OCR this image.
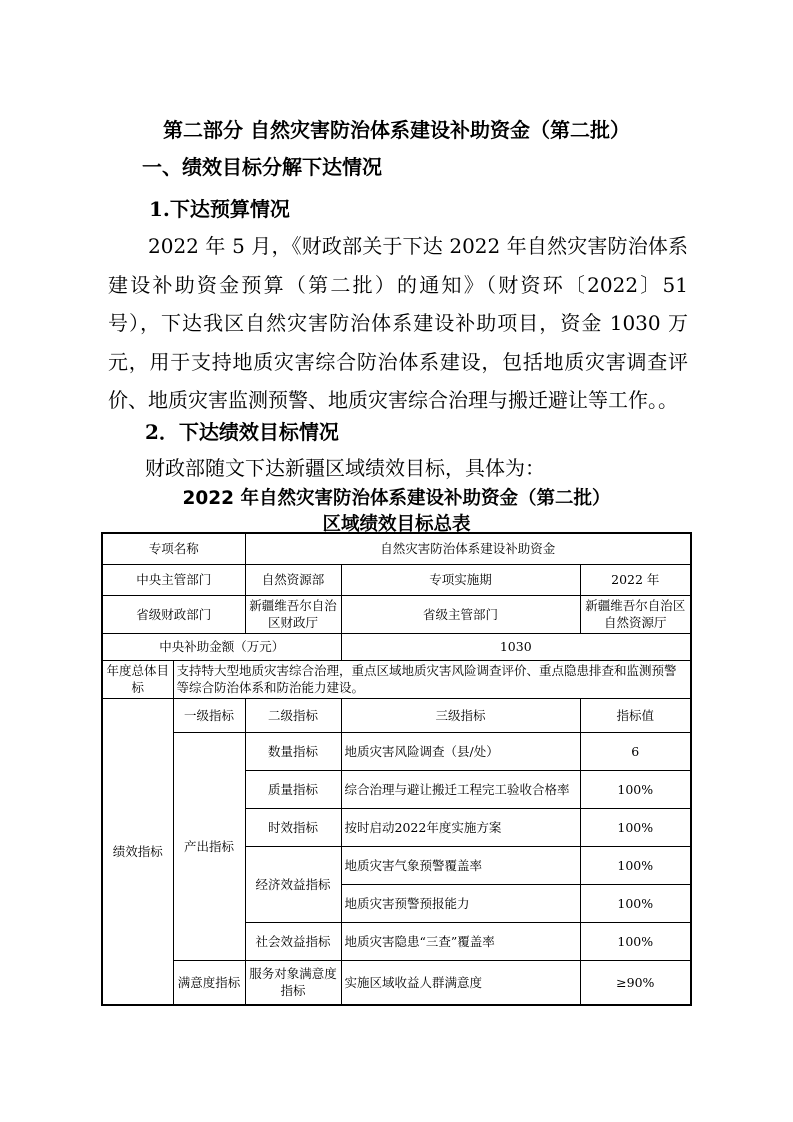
第二部分 自然灾害防治体系建设补助资金（第二批）
一、绩效目标分解下达情况
1.下达预算情况
2022 年 5 月，《财政部关于下达 2022 年自然灾害防治体系建设补助资金预算（第二批）的通知》（财资环〔2022〕51 号），下达我区自然灾害防治体系建设补助项目，资金 1030 万元，用于支持地质灾害综合防治体系建设，包括地质灾害调查评价、地质灾害监测预警、地质灾害综合治理与搬迁避让等工作。。
2．下达绩效目标情况
财政部随文下达新疆区域绩效目标，具体为：
2022 年自然灾害防治体系建设补助资金（第二批）
区域绩效目标总表
专项名称		自然灾害防治体系建设补助资金		
中央主管部门		自然资源部	专项实施期	2022 年
省级财政部门		新疆维吾尔自治区财政厅	省级主管部门	新疆维吾尔自治区自然资源厅
中央补助金额（万元）			1030	
年度总体目标	支持特大型地质灾害综合治理，重点区域地质灾害风险调查评价、重点隐患排查和监测预警等综合防治体系和防治能力建设。			
绩效指标	一级指标	二级指标	三级指标	指标值
	产出指标	数量指标	地质灾害风险调查（县/处）	6
		质量指标	综合治理与避让搬迁工程完工验收合格率	100%
		时效指标	按时启动2022年度实施方案	100%
		经济效益指标	地质灾害气象预警覆盖率	100%
			地质灾害预警预报能力	100%
		社会效益指标	地质灾害隐患“三查”覆盖率	100%
	满意度指标	服务对象满意度指标	实施区域收益人群满意度	≥90%
